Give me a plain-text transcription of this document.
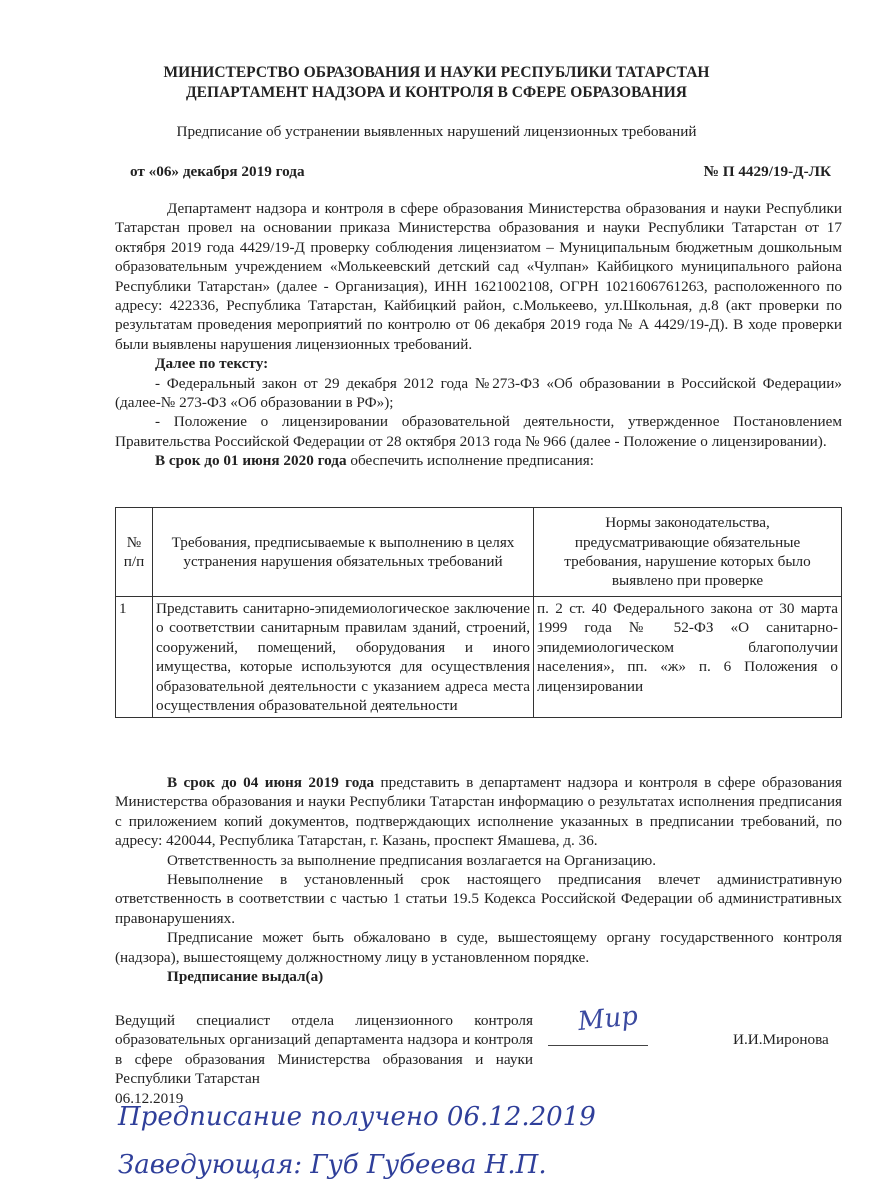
МИНИСТЕРСТВО ОБРАЗОВАНИЯ И НАУКИ РЕСПУБЛИКИ ТАТАРСТАН
ДЕПАРТАМЕНТ НАДЗОРА И КОНТРОЛЯ В СФЕРЕ ОБРАЗОВАНИЯ
Предписание об устранении выявленных нарушений лицензионных требований
от «06» декабря 2019 года	№ П 4429/19-Д-ЛК

Департамент надзора и контроля в сфере образования Министерства образования и науки Республики Татарстан провел на основании приказа Министерства образования и науки Республики Татарстан от 17 октября 2019 года 4429/19-Д проверку соблюдения лицензиатом – Муниципальным бюджетным дошкольным образовательным учреждением «Молькеевский детский сад «Чулпан» Кайбицкого муниципального района Республики Татарстан» (далее - Организация), ИНН 1621002108, ОГРН 1021606761263, расположенного по адресу: 422336, Республика Татарстан, Кайбицкий район, с.Молькеево, ул.Школьная, д.8 (акт проверки по результатам проведения мероприятий по контролю от 06 декабря 2019 года № А 4429/19-Д). В ходе проверки были выявлены нарушения лицензионных требований.

Далее по тексту:

- Федеральный закон от 29 декабря 2012 года №273-ФЗ «Об образовании в Российской Федерации» (далее-№ 273-ФЗ «Об образовании в РФ»);

- Положение о лицензировании образовательной деятельности, утвержденное Постановлением Правительства Российской Федерации от 28 октября 2013 года № 966 (далее - Положение о лицензировании).

В срок до 01 июня 2020 года обеспечить исполнение предписания:

№ п/п	Требования, предписываемые к выполнению в целях устранения нарушения обязательных требований	Нормы законодательства, предусматривающие обязательные требования, нарушение которых было выявлено при проверке
1	Представить санитарно-эпидемиологическое заключение о соответствии санитарным правилам зданий, строений, сооружений, помещений, оборудования и иного имущества, которые используются для осуществления образовательной деятельности с указанием адреса места осуществления образовательной деятельности	п. 2 ст. 40 Федерального закона от 30 марта 1999 года № 52-ФЗ «О санитарно-эпидемиологическом благополучии населения», пп. «ж» п. 6 Положения о лицензировании

В срок до 04 июня 2019 года представить в департамент надзора и контроля в сфере образования Министерства образования и науки Республики Татарстан информацию о результатах исполнения предписания с приложением копий документов, подтверждающих исполнение указанных в предписании требований, по адресу: 420044, Республика Татарстан, г. Казань, проспект Ямашева, д. 36.

Ответственность за выполнение предписания возлагается на Организацию.

Невыполнение в установленный срок настоящего предписания влечет административную ответственность в соответствии с частью 1 статьи 19.5 Кодекса Российской Федерации об административных правонарушениях.

Предписание может быть обжаловано в суде, вышестоящему органу государственного контроля (надзора), вышестоящему должностному лицу в установленном порядке.

Предписание выдал(а)

Ведущий специалист отдела лицензионного контроля образовательных организаций департамента надзора и контроля в сфере образования Министерства образования и науки Республики Татарстан
06.12.2019
Мир
И.И.Миронова
Предписание получено 06.12.2019
Заведующая: Губ Губеева Н.П.
